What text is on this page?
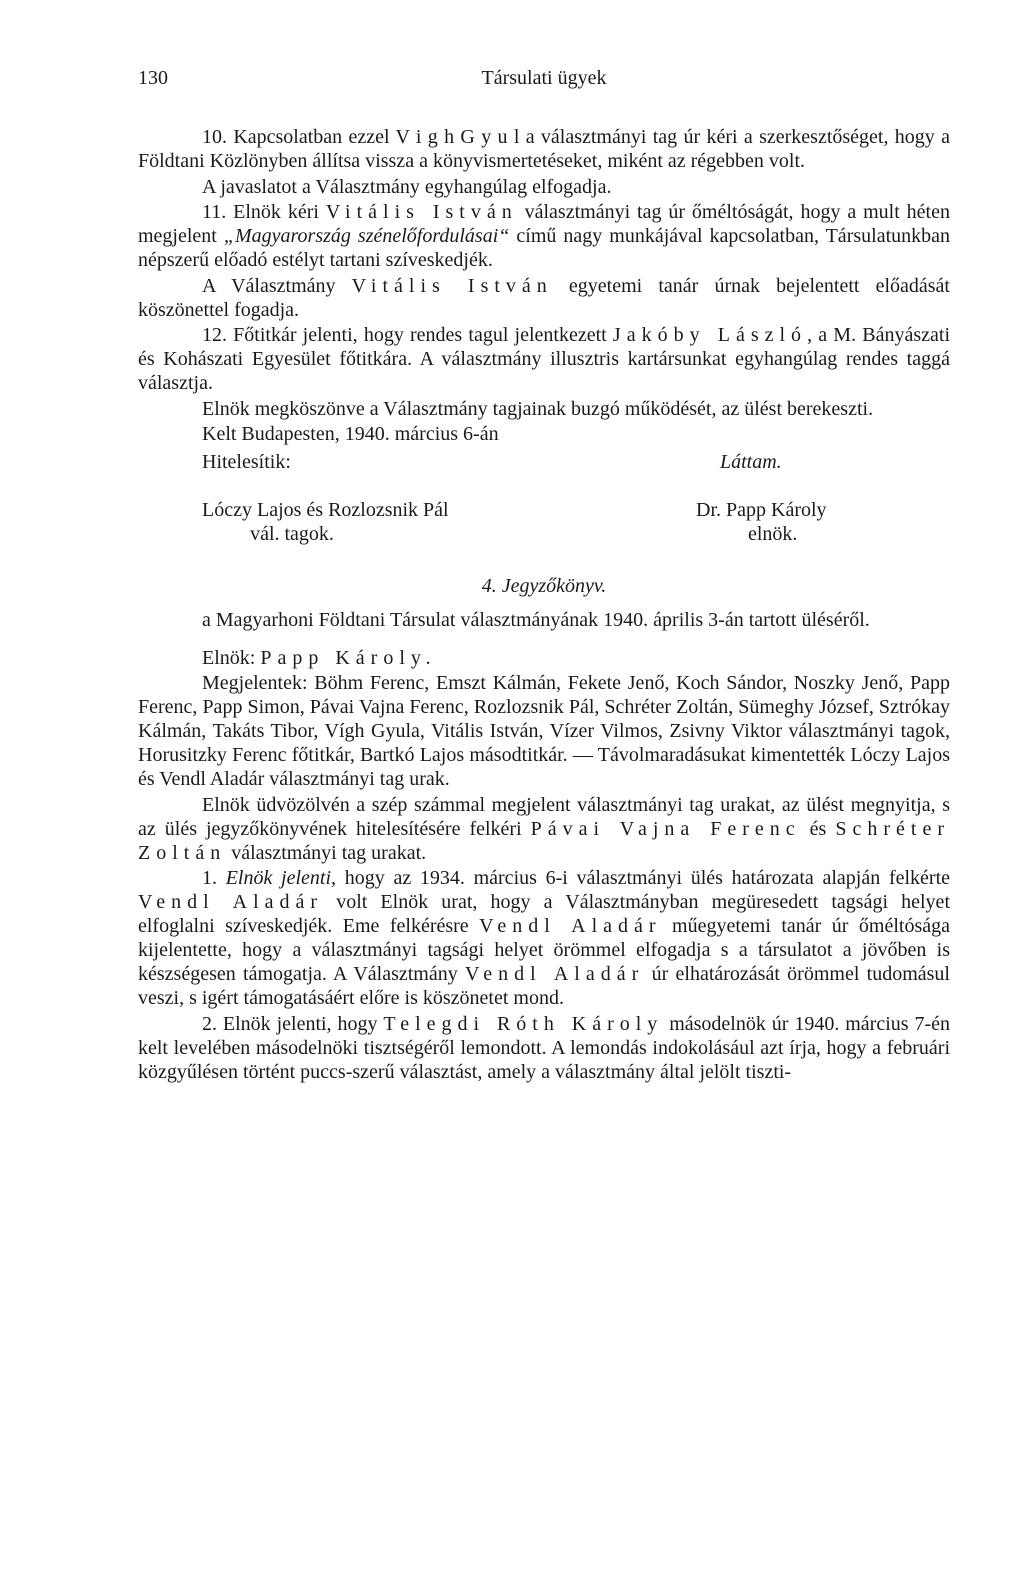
130	Társulati ügyek

10. Kapcsolatban ezzel V i g h G y u l a választmányi tag úr kéri a szerkesztőséget, hogy a Földtani Közlönyben állítsa vissza a könyvismertetéseket, miként az régebben volt.

A javaslatot a Választmány egyhangúlag elfogadja.

11. Elnök kéri Vitális István választmányi tag úr őméltóságát, hogy a mult héten megjelent „Magyarország szénelőfordulásai“ című nagy munkájával kapcsolatban, Társulatunkban népszerű előadó estélyt tartani szíveskedjék.

A Választmány Vitális István egyetemi tanár úrnak bejelentett előadását köszönettel fogadja.

12. Főtitkár jelenti, hogy rendes tagul jelentkezett Jakóby László, a M. Bányászati és Kohászati Egyesület főtitkára. A választmány illusztris kartársunkat egyhangúlag rendes taggá választja.

Elnök megköszönve a Választmány tagjainak buzgó működését, az ülést berekeszti.

Kelt Budapesten, 1940. március 6-án

Hitelesítik:
Lóczy Lajos és Rozlozsnik Pál
vál. tagok.
Láttam.
Dr. Papp Károly
elnök.
4. Jegyzőkönyv.

a Magyarhoni Földtani Társulat választmányának 1940. április 3-án tartott üléséről.

Elnök: Papp Károly.

Megjelentek: Böhm Ferenc, Emszt Kálmán, Fekete Jenő, Koch Sándor, Noszky Jenő, Papp Ferenc, Papp Simon, Pávai Vajna Ferenc, Rozlozsnik Pál, Schréter Zoltán, Sümeghy József, Sztrókay Kálmán, Takáts Tibor, Vígh Gyula, Vitális István, Vízer Vilmos, Zsivny Viktor választmányi tagok, Horusitzky Ferenc főtitkár, Bartkó Lajos másodtitkár. — Távolmaradásukat kimentették Lóczy Lajos és Vendl Aladár választmányi tag urak.

Elnök üdvözölvén a szép számmal megjelent választmányi tag urakat, az ülést megnyitja, s az ülés jegyzőkönyvének hitelesítésére felkéri Pávai Vajna Ferenc és Schréter Zoltán választmányi tag urakat.

1. Elnök jelenti, hogy az 1934. március 6-i választmányi ülés határozata alapján felkérte Vendl Aladár volt Elnök urat, hogy a Választmányban megüresedett tagsági helyet elfoglalni szíveskedjék. Eme felkérésre Vendl Aladár műegyetemi tanár úr őméltósága kijelentette, hogy a választmányi tagsági helyet örömmel elfogadja s a társulatot a jövőben is készségesen támogatja. A Választmány Vendl Aladár úr elhatározását örömmel tudomásul veszi, s igért támogatásáért előre is köszönetet mond.

2. Elnök jelenti, hogy Telegdi Róth Károly másodelnök úr 1940. március 7-én kelt levelében másodelnöki tisztségéről lemondott. A lemondás indokolásául azt írja, hogy a februári közgyűlésen történt puccs-szerű választást, amely a választmány által jelölt tiszti-
